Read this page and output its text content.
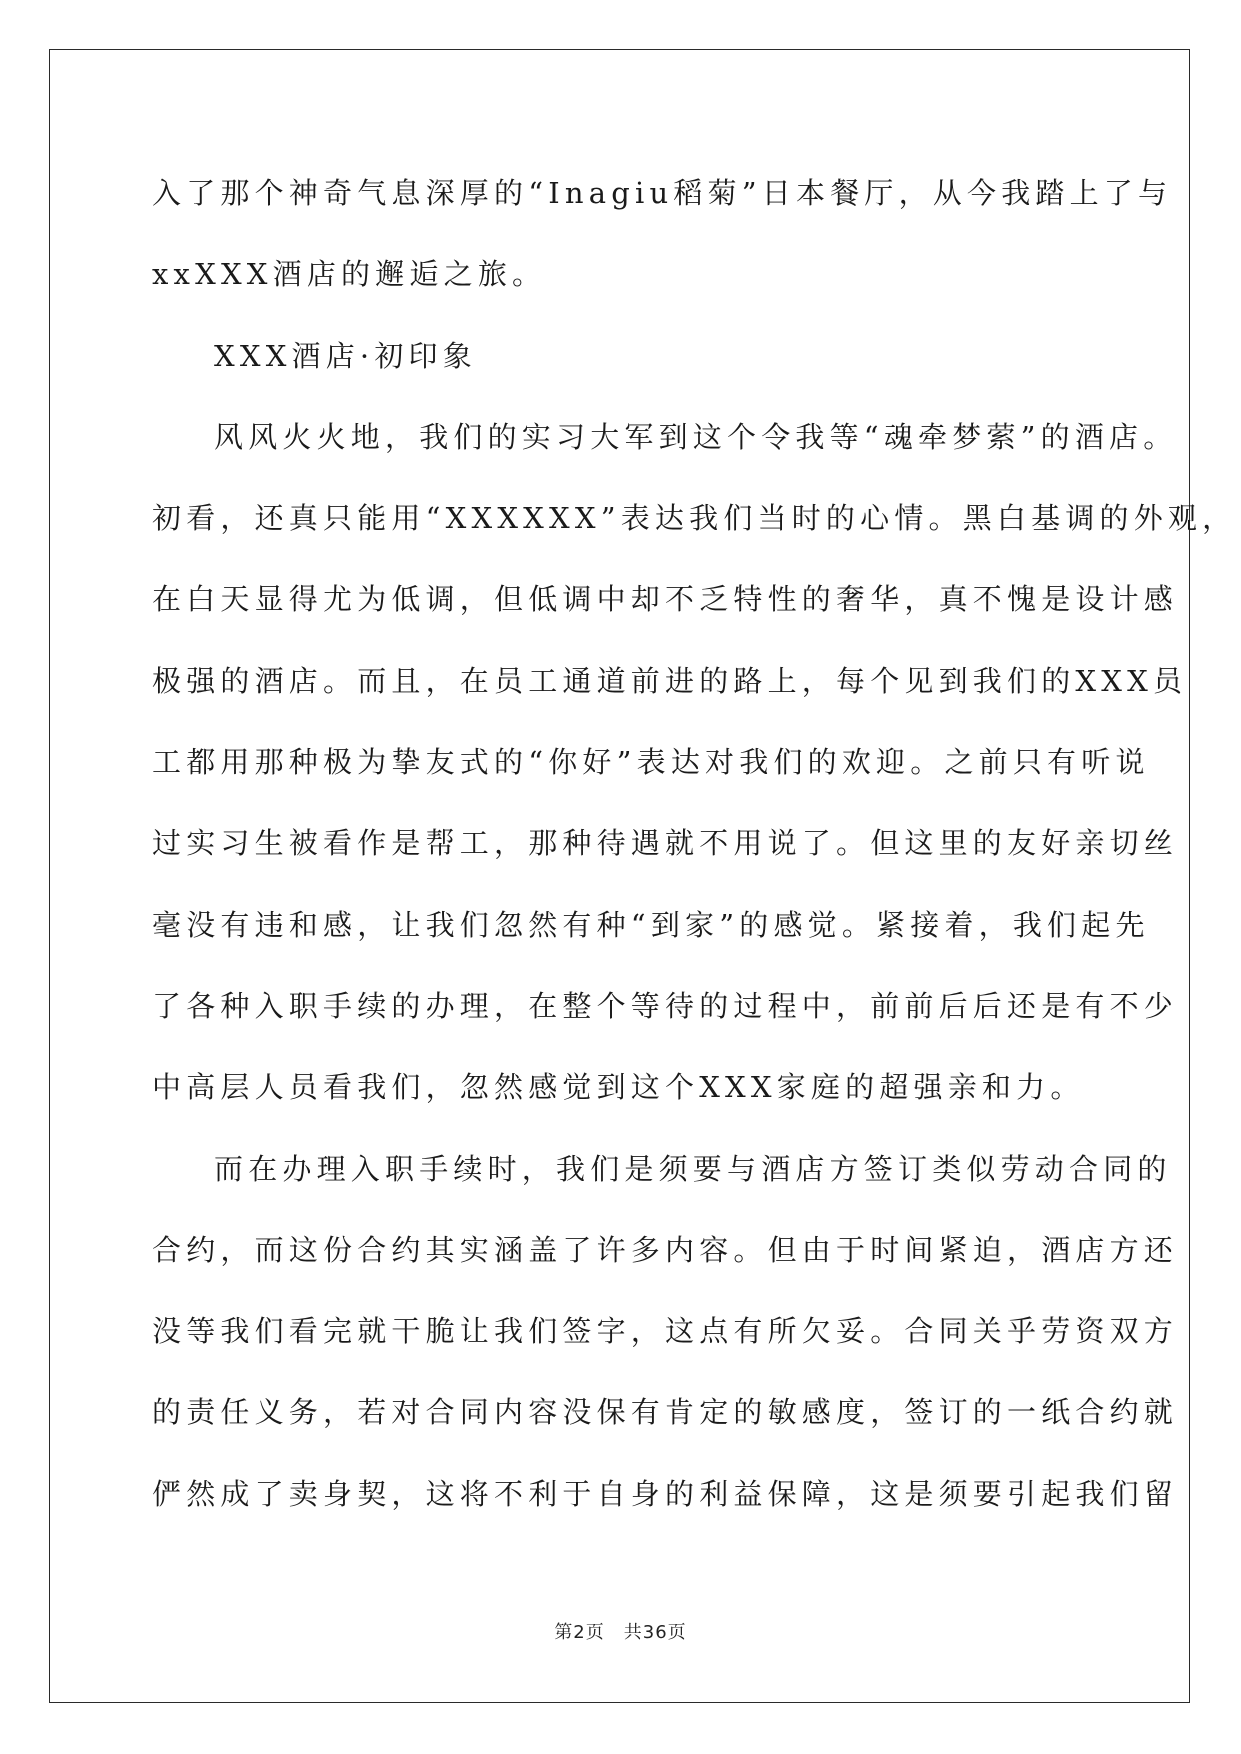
入了那个神奇气息深厚的“Inagiu稻菊”日本餐厅，从今我踏上了与
xxXXX酒店的邂逅之旅。
XXX酒店·初印象
风风火火地，我们的实习大军到这个令我等“魂牵梦萦”的酒店。
初看，还真只能用“XXXXXX”表达我们当时的心情。黑白基调的外观，
在白天显得尤为低调，但低调中却不乏特性的奢华，真不愧是设计感
极强的酒店。而且，在员工通道前进的路上，每个见到我们的XXX员
工都用那种极为挚友式的“你好”表达对我们的欢迎。之前只有听说
过实习生被看作是帮工，那种待遇就不用说了。但这里的友好亲切丝
毫没有违和感，让我们忽然有种“到家”的感觉。紧接着，我们起先
了各种入职手续的办理，在整个等待的过程中，前前后后还是有不少
中高层人员看我们，忽然感觉到这个XXX家庭的超强亲和力。
而在办理入职手续时，我们是须要与酒店方签订类似劳动合同的
合约，而这份合约其实涵盖了许多内容。但由于时间紧迫，酒店方还
没等我们看完就干脆让我们签字，这点有所欠妥。合同关乎劳资双方
的责任义务，若对合同内容没保有肯定的敏感度，签订的一纸合约就
俨然成了卖身契，这将不利于自身的利益保障，这是须要引起我们留
第2页　共36页
